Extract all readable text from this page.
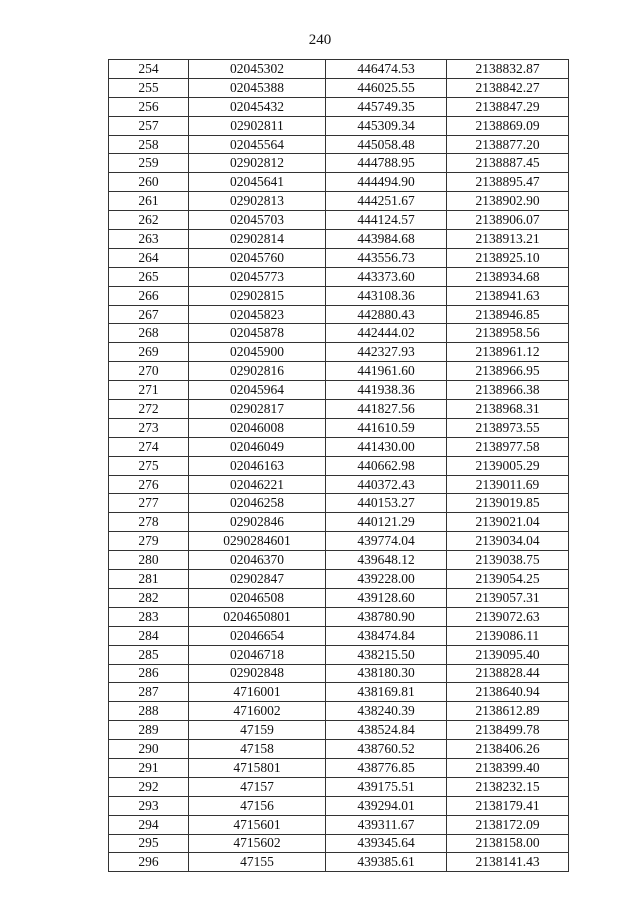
240
254	02045302	446474.53	2138832.87
255	02045388	446025.55	2138842.27
256	02045432	445749.35	2138847.29
257	02902811	445309.34	2138869.09
258	02045564	445058.48	2138877.20
259	02902812	444788.95	2138887.45
260	02045641	444494.90	2138895.47
261	02902813	444251.67	2138902.90
262	02045703	444124.57	2138906.07
263	02902814	443984.68	2138913.21
264	02045760	443556.73	2138925.10
265	02045773	443373.60	2138934.68
266	02902815	443108.36	2138941.63
267	02045823	442880.43	2138946.85
268	02045878	442444.02	2138958.56
269	02045900	442327.93	2138961.12
270	02902816	441961.60	2138966.95
271	02045964	441938.36	2138966.38
272	02902817	441827.56	2138968.31
273	02046008	441610.59	2138973.55
274	02046049	441430.00	2138977.58
275	02046163	440662.98	2139005.29
276	02046221	440372.43	2139011.69
277	02046258	440153.27	2139019.85
278	02902846	440121.29	2139021.04
279	0290284601	439774.04	2139034.04
280	02046370	439648.12	2139038.75
281	02902847	439228.00	2139054.25
282	02046508	439128.60	2139057.31
283	0204650801	438780.90	2139072.63
284	02046654	438474.84	2139086.11
285	02046718	438215.50	2139095.40
286	02902848	438180.30	2138828.44
287	4716001	438169.81	2138640.94
288	4716002	438240.39	2138612.89
289	47159	438524.84	2138499.78
290	47158	438760.52	2138406.26
291	4715801	438776.85	2138399.40
292	47157	439175.51	2138232.15
293	47156	439294.01	2138179.41
294	4715601	439311.67	2138172.09
295	4715602	439345.64	2138158.00
296	47155	439385.61	2138141.43
